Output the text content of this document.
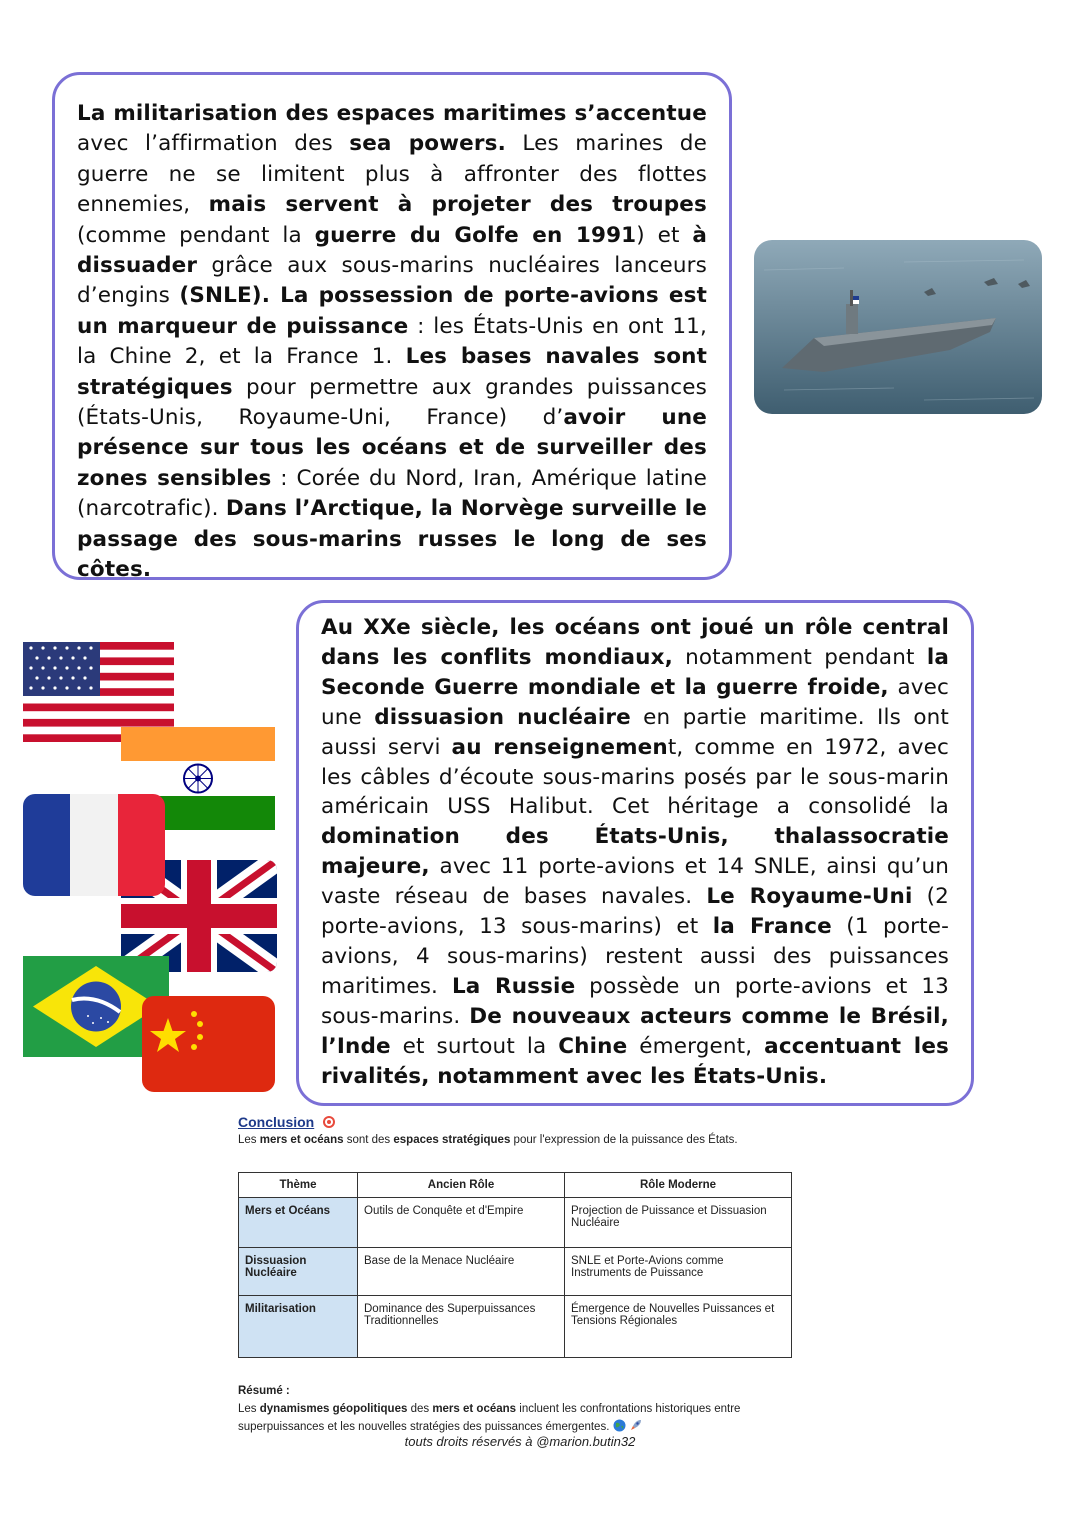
La militarisation des espaces maritimes s’accentue avec l’affirmation des sea powers. Les marines de guerre ne se limitent plus à affronter des flottes ennemies, mais servent à projeter des troupes (comme pendant la guerre du Golfe en 1991) et à dissuader grâce aux sous-marins nucléaires lanceurs d’engins (SNLE). La possession de porte-avions est un marqueur de puissance : les États-Unis en ont 11, la Chine 2, et la France 1. Les bases navales sont stratégiques pour permettre aux grandes puissances (États-Unis, Royaume-Uni, France) d’avoir une présence sur tous les océans et de surveiller des zones sensibles : Corée du Nord, Iran, Amérique latine (narcotrafic). Dans l’Arctique, la Norvège surveille le passage des sous-marins russes le long de ses côtes.

Au XXe siècle, les océans ont joué un rôle central dans les conflits mondiaux, notamment pendant la Seconde Guerre mondiale et la guerre froide, avec une dissuasion nucléaire en partie maritime. Ils ont aussi servi au renseignement, comme en 1972, avec les câbles d’écoute sous-marins posés par le sous-marin américain USS Halibut. Cet héritage a consolidé la domination des États-Unis, thalassocratie majeure, avec 11 porte-avions et 14 SNLE, ainsi qu’un vaste réseau de bases navales. Le Royaume-Uni (2 porte-avions, 13 sous-marins) et la France (1 porte-avions, 4 sous-marins) restent aussi des puissances maritimes. La Russie possède un porte-avions et 13 sous-marins. De nouveaux acteurs comme le Brésil, l’Inde et surtout la Chine émergent, accentuant les rivalités, notamment avec les États-Unis.

Conclusion
Les mers et océans sont des espaces stratégiques pour l'expression de la puissance des États.
Thème	Ancien Rôle	Rôle Moderne
Mers et Océans	Outils de Conquête et d'Empire	Projection de Puissance et Dissuasion Nucléaire
Dissuasion Nucléaire	Base de la Menace Nucléaire	SNLE et Porte-Avions comme Instruments de Puissance
Militarisation	Dominance des Superpuissances Traditionnelles	Émergence de Nouvelles Puissances et Tensions Régionales
Résumé :
Les dynamismes géopolitiques des mers et océans incluent les confrontations historiques entre superpuissances et les nouvelles stratégies des puissances émergentes.
touts droits réservés à @marion.butin32
